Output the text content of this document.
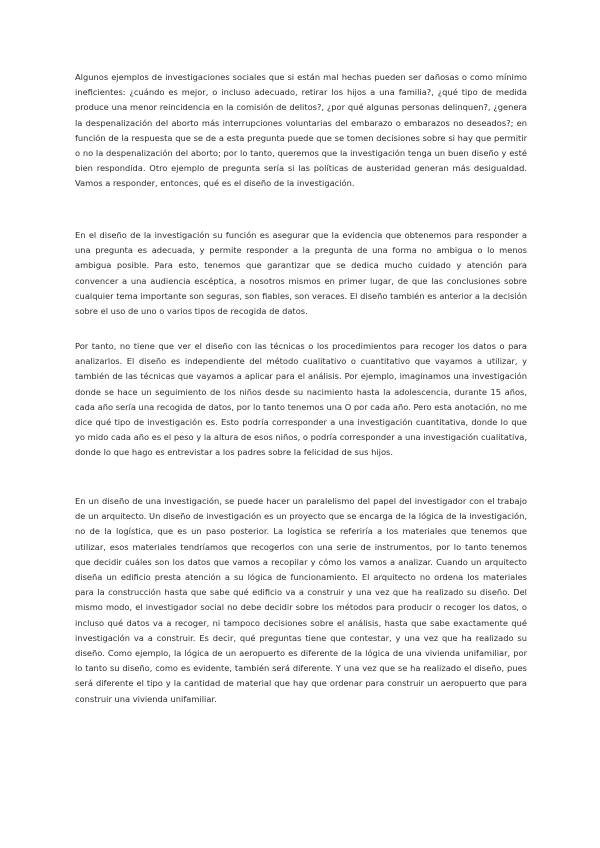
Algunos ejemplos de investigaciones sociales que si están mal hechas pueden ser dañosas o como mínimo ineficientes: ¿cuándo es mejor, o incluso adecuado, retirar los hijos a una familia?, ¿qué tipo de medida produce una menor reincidencia en la comisión de delitos?, ¿por qué algunas personas delinquen?, ¿genera la despenalización del aborto más interrupciones voluntarias del embarazo o embarazos no deseados?; en función de la respuesta que se de a esta pregunta puede que se tomen decisiones sobre si hay que permitir o no la despenalización del aborto; por lo tanto, queremos que la investigación tenga un buen diseño y esté bien respondida. Otro ejemplo de pregunta sería si las políticas de austeridad generan más desigualdad. Vamos a responder, entonces, qué es el diseño de la investigación.

En el diseño de la investigación su función es asegurar que la evidencia que obtenemos para responder a una pregunta es adecuada, y permite responder a la pregunta de una forma no ambigua o lo menos ambigua posible. Para esto, tenemos que garantizar que se dedica mucho cuidado y atención para convencer a una audiencia escéptica, a nosotros mismos en primer lugar, de que las conclusiones sobre cualquier tema importante son seguras, son fiables, son veraces. El diseño también es anterior a la decisión sobre el uso de uno o varios tipos de recogida de datos.

Por tanto, no tiene que ver el diseño con las técnicas o los procedimientos para recoger los datos o para analizarlos. El diseño es independiente del método cualitativo o cuantitativo que vayamos a utilizar, y también de las técnicas que vayamos a aplicar para el análisis. Por ejemplo, imaginamos una investigación donde se hace un seguimiento de los niños desde su nacimiento hasta la adolescencia, durante 15 años, cada año sería una recogida de datos, por lo tanto tenemos una O por cada año. Pero esta anotación, no me dice qué tipo de investigación es. Esto podría corresponder a una investigación cuantitativa, donde lo que yo mido cada año es el peso y la altura de esos niños, o podría corresponder a una investigación cualitativa, donde lo que hago es entrevistar a los padres sobre la felicidad de sus hijos.

En un diseño de una investigación, se puede hacer un paralelismo del papel del investigador con el trabajo de un arquitecto. Un diseño de investigación es un proyecto que se encarga de la lógica de la investigación, no de la logística, que es un paso posterior. La logística se referiría a los materiales que tenemos que utilizar, esos materiales tendríamos que recogerlos con una serie de instrumentos, por lo tanto tenemos que decidir cuáles son los datos que vamos a recopilar y cómo los vamos a analizar. Cuando un arquitecto diseña un edificio presta atención a su lógica de funcionamiento. El arquitecto no ordena los materiales para la construcción hasta que sabe qué edificio va a construir y una vez que ha realizado su diseño. Del mismo modo, el investigador social no debe decidir sobre los métodos para producir o recoger los datos, o incluso qué datos va a recoger, ni tampoco decisiones sobre el análisis, hasta que sabe exactamente qué investigación va a construir. Es decir, qué preguntas tiene que contestar, y una vez que ha realizado su diseño. Como ejemplo, la lógica de un aeropuerto es diferente de la lógica de una vivienda unifamiliar, por lo tanto su diseño, como es evidente, también será diferente. Y una vez que se ha realizado el diseño, pues será diferente el tipo y la cantidad de material que hay que ordenar para construir un aeropuerto que para construir una vivienda unifamiliar.
